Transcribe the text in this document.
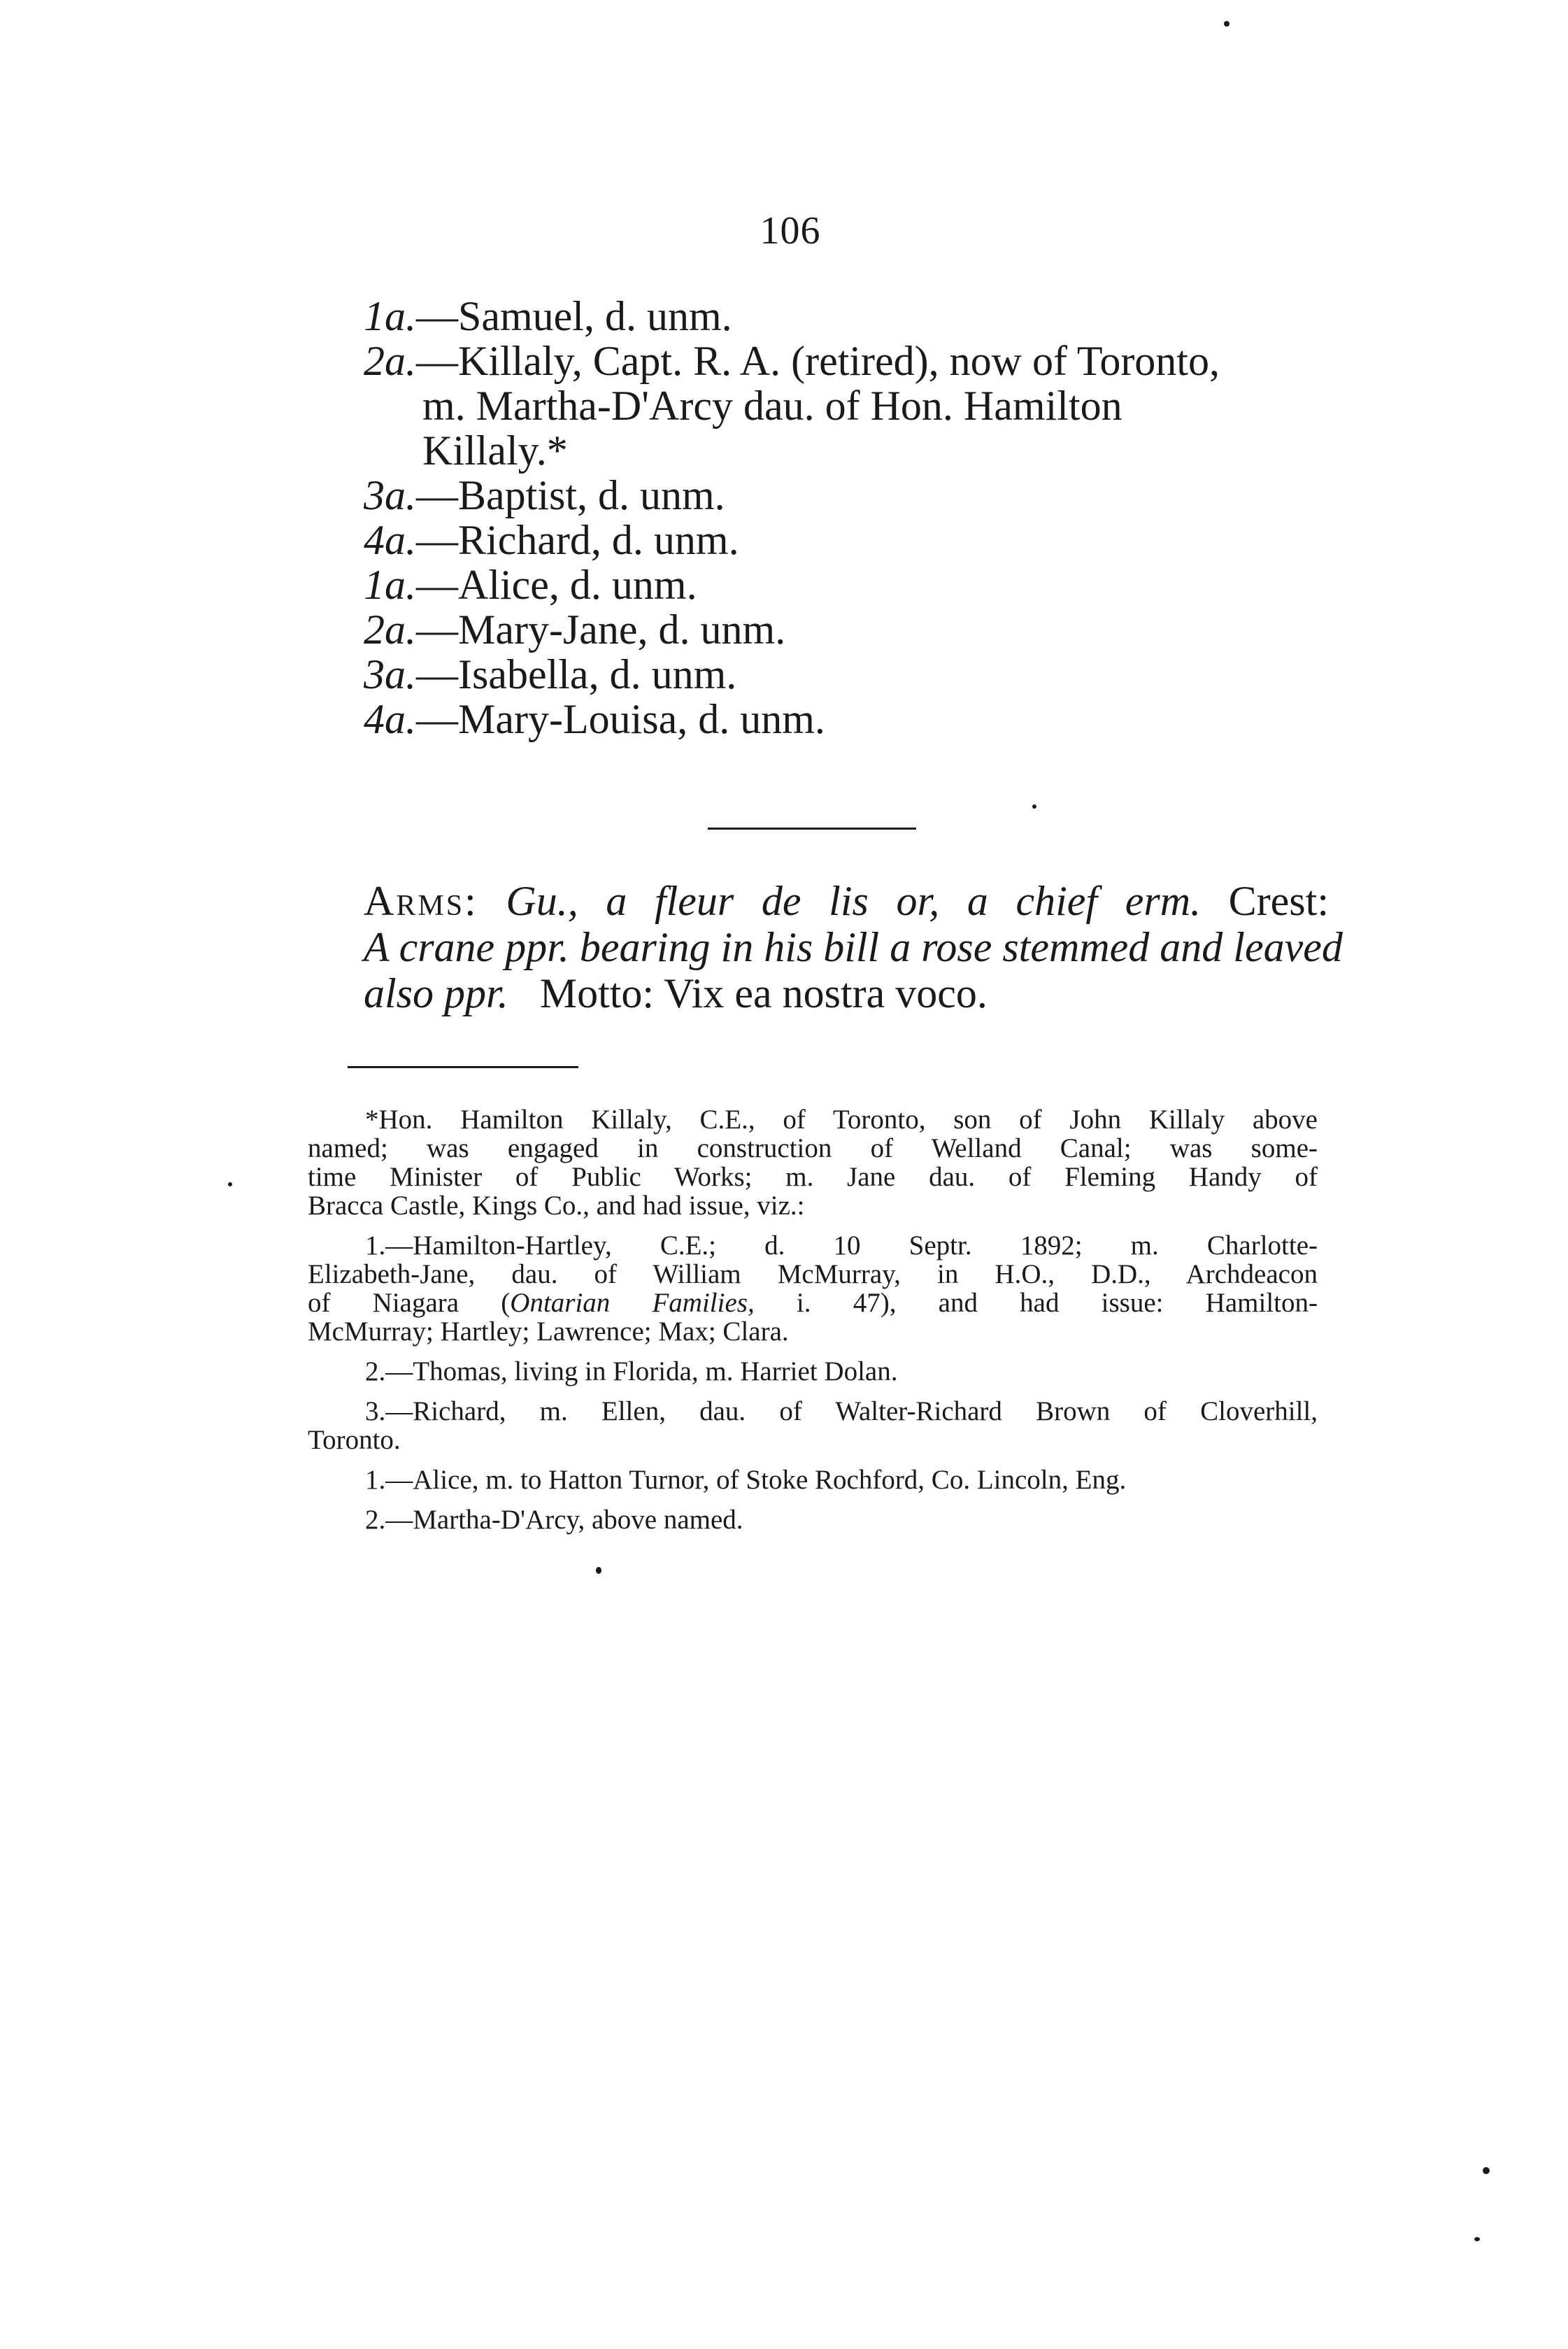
106
1a.—Samuel, d. unm.
2a.—Killaly, Capt. R. A. (retired), now of Toronto,
m. Martha-D'Arcy dau. of Hon. Hamilton
Killaly.*
3a.—Baptist, d. unm.
4a.—Richard, d. unm.
1a.—Alice, d. unm.
2a.—Mary-Jane, d. unm.
3a.—Isabella, d. unm.
4a.—Mary-Louisa, d. unm.
Arms: Gu., a fleur de lis or, a chief erm. Crest:
A crane ppr. bearing in his bill a rose stemmed and leaved
also ppr. Motto: Vix ea nostra voco.
*Hon. Hamilton Killaly, C.E., of Toronto, son of John Killaly above
named; was engaged in construction of Welland Canal; was some-
time Minister of Public Works; m. Jane dau. of Fleming Handy of
Bracca Castle, Kings Co., and had issue, viz.:
1.—Hamilton-Hartley, C.E.; d. 10 Septr. 1892; m. Charlotte-
Elizabeth-Jane, dau. of William McMurray, in H.O., D.D., Archdeacon
of Niagara (Ontarian Families, i. 47), and had issue: Hamilton-
McMurray; Hartley; Lawrence; Max; Clara.
2.—Thomas, living in Florida, m. Harriet Dolan.
3.—Richard, m. Ellen, dau. of Walter-Richard Brown of Cloverhill,
Toronto.
1.—Alice, m. to Hatton Turnor, of Stoke Rochford, Co. Lincoln, Eng.
2.—Martha-D'Arcy, above named.
